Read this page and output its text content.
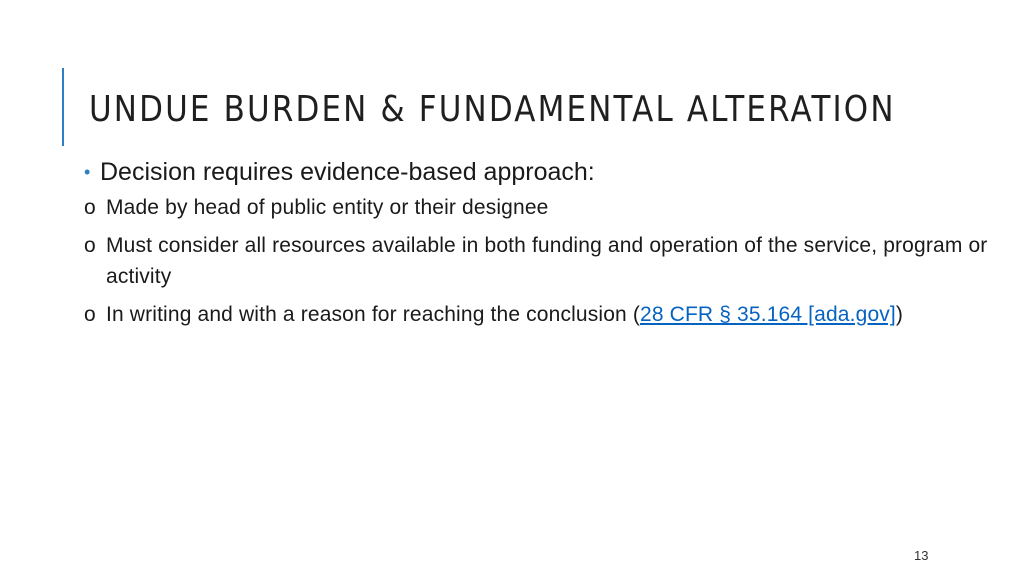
UNDUE BURDEN & FUNDAMENTAL ALTERATION
• Decision requires evidence-based approach:
o Made by head of public entity or their designee
o Must consider all resources available in both funding and operation of the service, program or activity
o In writing and with a reason for reaching the conclusion (28 CFR § 35.164 [ada.gov])
13
